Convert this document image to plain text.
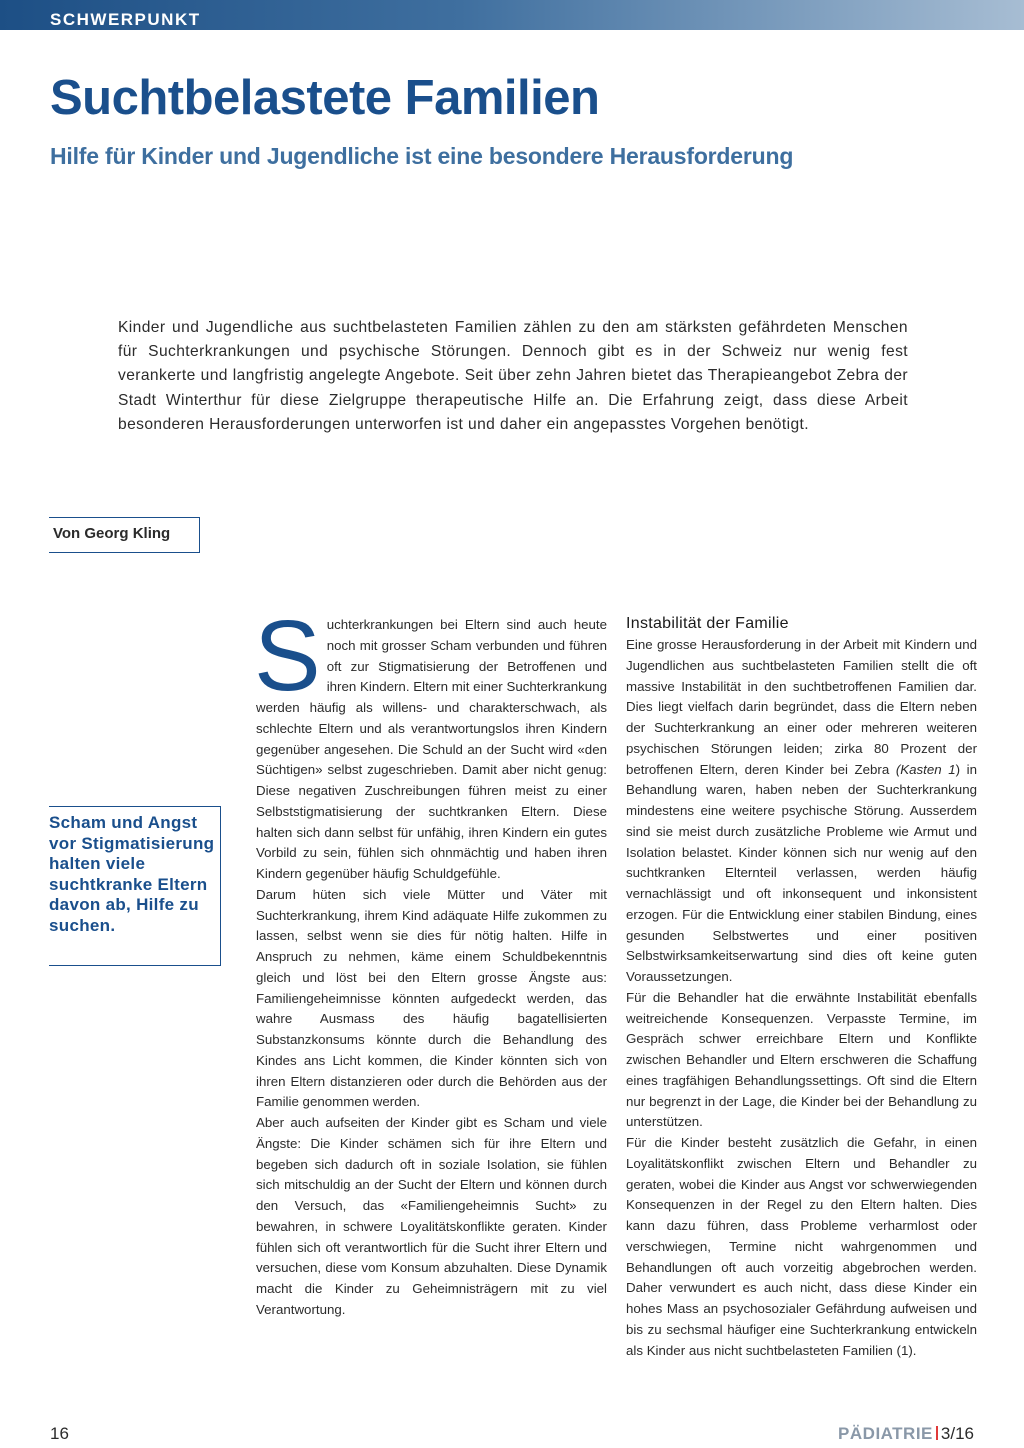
SCHWERPUNKT
Suchtbelastete Familien
Hilfe für Kinder und Jugendliche ist eine besondere Herausforderung

Kinder und Jugendliche aus suchtbelasteten Familien zählen zu den am stärksten gefährdeten Menschen für Suchterkrankungen und psychische Störungen. Dennoch gibt es in der Schweiz nur wenig fest verankerte und langfristig angelegte Angebote. Seit über zehn Jahren bietet das Therapieangebot Zebra der Stadt Winterthur für diese Zielgruppe therapeutische Hilfe an. Die Erfahrung zeigt, dass diese Arbeit besonderen Herausforderungen unterworfen ist und daher ein angepasstes Vorgehen benötigt.

Von Georg Kling

Scham und Angst vor Stigmatisierung halten viele suchtkranke Eltern davon ab, Hilfe zu suchen.

Suchterkrankungen bei Eltern sind auch heute noch mit grosser Scham verbunden und führen oft zur Stigmatisierung der Betroffenen und ihren Kindern. Eltern mit einer Suchterkrankung werden häufig als willens- und charakterschwach, als schlechte Eltern und als verantwortungslos ihren Kindern gegenüber angesehen. Die Schuld an der Sucht wird «den Süchtigen» selbst zugeschrieben. Damit aber nicht genug: Diese negativen Zuschreibungen führen meist zu einer Selbststigmatisierung der suchtkranken Eltern. Diese halten sich dann selbst für unfähig, ihren Kindern ein gutes Vorbild zu sein, fühlen sich ohnmächtig und haben ihren Kindern gegenüber häufig Schuldgefühle.

Darum hüten sich viele Mütter und Väter mit Suchterkrankung, ihrem Kind adäquate Hilfe zukommen zu lassen, selbst wenn sie dies für nötig halten. Hilfe in Anspruch zu nehmen, käme einem Schuldbekenntnis gleich und löst bei den Eltern grosse Ängste aus: Familiengeheimnisse könnten aufgedeckt werden, das wahre Ausmass des häufig bagatellisierten Substanzkonsums könnte durch die Behandlung des Kindes ans Licht kommen, die Kinder könnten sich von ihren Eltern distanzieren oder durch die Behörden aus der Familie genommen werden.

Aber auch aufseiten der Kinder gibt es Scham und viele Ängste: Die Kinder schämen sich für ihre Eltern und begeben sich dadurch oft in soziale Isolation, sie fühlen sich mitschuldig an der Sucht der Eltern und können durch den Versuch, das «Familiengeheimnis Sucht» zu bewahren, in schwere Loyalitätskonflikte geraten. Kinder fühlen sich oft verantwortlich für die Sucht ihrer Eltern und versuchen, diese vom Konsum abzuhalten. Diese Dynamik macht die Kinder zu Geheimnisträgern mit zu viel Verantwortung.

Instabilität der Familie

Eine grosse Herausforderung in der Arbeit mit Kindern und Jugendlichen aus suchtbelasteten Familien stellt die oft massive Instabilität in den suchtbetroffenen Familien dar. Dies liegt vielfach darin begründet, dass die Eltern neben der Suchterkrankung an einer oder mehreren weiteren psychischen Störungen leiden; zirka 80 Prozent der betroffenen Eltern, deren Kinder bei Zebra (Kasten 1) in Behandlung waren, haben neben der Suchterkrankung mindestens eine weitere psychische Störung. Ausserdem sind sie meist durch zusätzliche Probleme wie Armut und Isolation belastet. Kinder können sich nur wenig auf den suchtkranken Elternteil verlassen, werden häufig vernachlässigt und oft inkonsequent und inkonsistent erzogen. Für die Entwicklung einer stabilen Bindung, eines gesunden Selbstwertes und einer positiven Selbstwirksamkeitserwartung sind dies oft keine guten Voraussetzungen.

Für die Behandler hat die erwähnte Instabilität ebenfalls weitreichende Konsequenzen. Verpasste Termine, im Gespräch schwer erreichbare Eltern und Konflikte zwischen Behandler und Eltern erschweren die Schaffung eines tragfähigen Behandlungssettings. Oft sind die Eltern nur begrenzt in der Lage, die Kinder bei der Behandlung zu unterstützen.

Für die Kinder besteht zusätzlich die Gefahr, in einen Loyalitätskonflikt zwischen Eltern und Behandler zu geraten, wobei die Kinder aus Angst vor schwerwiegenden Konsequenzen in der Regel zu den Eltern halten. Dies kann dazu führen, dass Probleme verharmlost oder verschwiegen, Termine nicht wahrgenommen und Behandlungen oft auch vorzeitig abgebrochen werden. Daher verwundert es auch nicht, dass diese Kinder ein hohes Mass an psychosozialer Gefährdung aufweisen und bis zu sechsmal häufiger eine Suchterkrankung entwickeln als Kinder aus nicht suchtbelasteten Familien (1).

16	PÄDIATRIE 3/16
